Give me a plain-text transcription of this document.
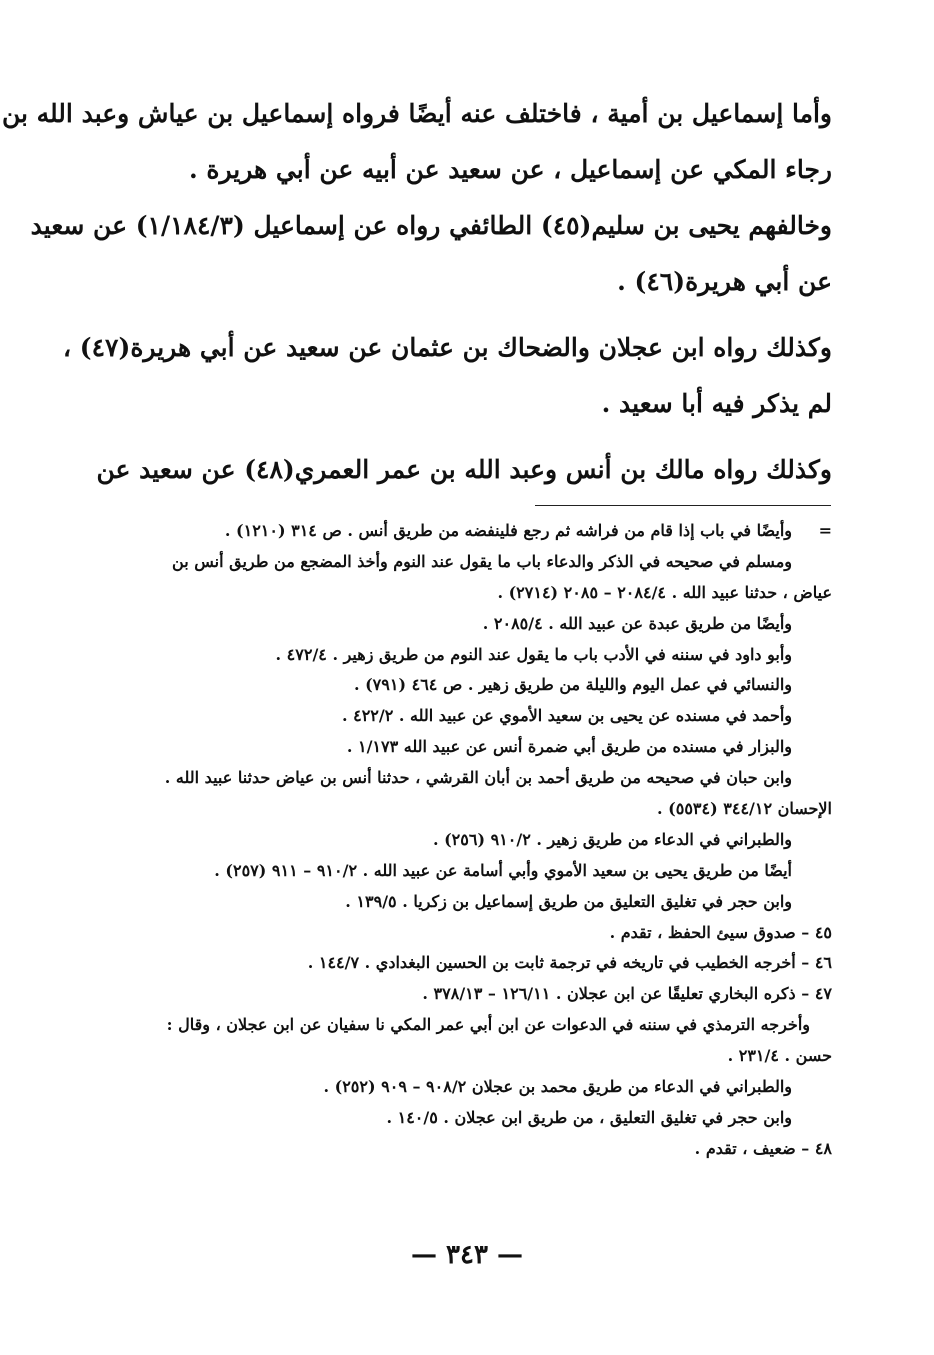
وأما إسماعيل بن أمية ، فاختلف عنه أيضًا فرواه إسماعيل بن عياش وعبد الله بن
رجاء المكي عن إسماعيل ، عن سعيد عن أبيه عن أبي هريرة .
وخالفهم يحيى بن سليم(٤٥) الطائفي رواه عن إسماعيل (١/١٨٤/٣) عن سعيد
عن أبي هريرة(٤٦) .
وكذلك رواه ابن عجلان والضحاك بن عثمان عن سعيد عن أبي هريرة(٤٧) ،
لم يذكر فيه أبا سعيد .
وكذلك رواه مالك بن أنس وعبد الله بن عمر العمري(٤٨) عن سعيد عن
=
وأيضًا في باب إذا قام من فراشه ثم رجع فلينفضه من طريق أنس . ص ٣١٤ (١٢١٠) .
ومسلم في صحيحه في الذكر والدعاء باب ما يقول عند النوم وأخذ المضجع من طريق أنس بن
عياض ، حدثنا عبيد الله . ٢٠٨٤/٤ – ٢٠٨٥ (٢٧١٤) .
وأيضًا من طريق عبدة عن عبيد الله . ٢٠٨٥/٤ .
وأبو داود في سننه في الأدب باب ما يقول عند النوم من طريق زهير . ٤٧٢/٤ .
والنسائي في عمل اليوم والليلة من طريق زهير . ص ٤٦٤ (٧٩١) .
وأحمد في مسنده عن يحيى بن سعيد الأموي عن عبيد الله . ٤٢٢/٢ .
والبزار في مسنده من طريق أبي ضمرة أنس عن عبيد الله ١/١٧٣ .
وابن حبان في صحيحه من طريق أحمد بن أبان القرشي ، حدثنا أنس بن عياض حدثنا عبيد الله .
الإحسان ٣٤٤/١٢ (٥٥٣٤) .
والطبراني في الدعاء من طريق زهير . ٩١٠/٢ (٢٥٦) .
أيضًا من طريق يحيى بن سعيد الأموي وأبي أسامة عن عبيد الله . ٩١٠/٢ – ٩١١ (٢٥٧) .
وابن حجر في تغليق التعليق من طريق إسماعيل بن زكريا . ١٣٩/٥ .
٤٥ – صدوق سيئ الحفظ ، تقدم .
٤٦ – أخرجه الخطيب في تاريخه في ترجمة ثابت بن الحسين البغدادي . ١٤٤/٧ .
٤٧ – ذكره البخاري تعليقًا عن ابن عجلان . ١٢٦/١١ – ٣٧٨/١٣ .
وأخرجه الترمذي في سننه في الدعوات عن ابن أبي عمر المكي نا سفيان عن ابن عجلان ، وقال :
حسن . ٢٣١/٤ .
والطبراني في الدعاء من طريق محمد بن عجلان ٩٠٨/٢ – ٩٠٩ (٢٥٢) .
وابن حجر في تغليق التعليق ، من طريق ابن عجلان . ١٤٠/٥ .
٤٨ – ضعيف ، تقدم .
— ٣٤٣ —
